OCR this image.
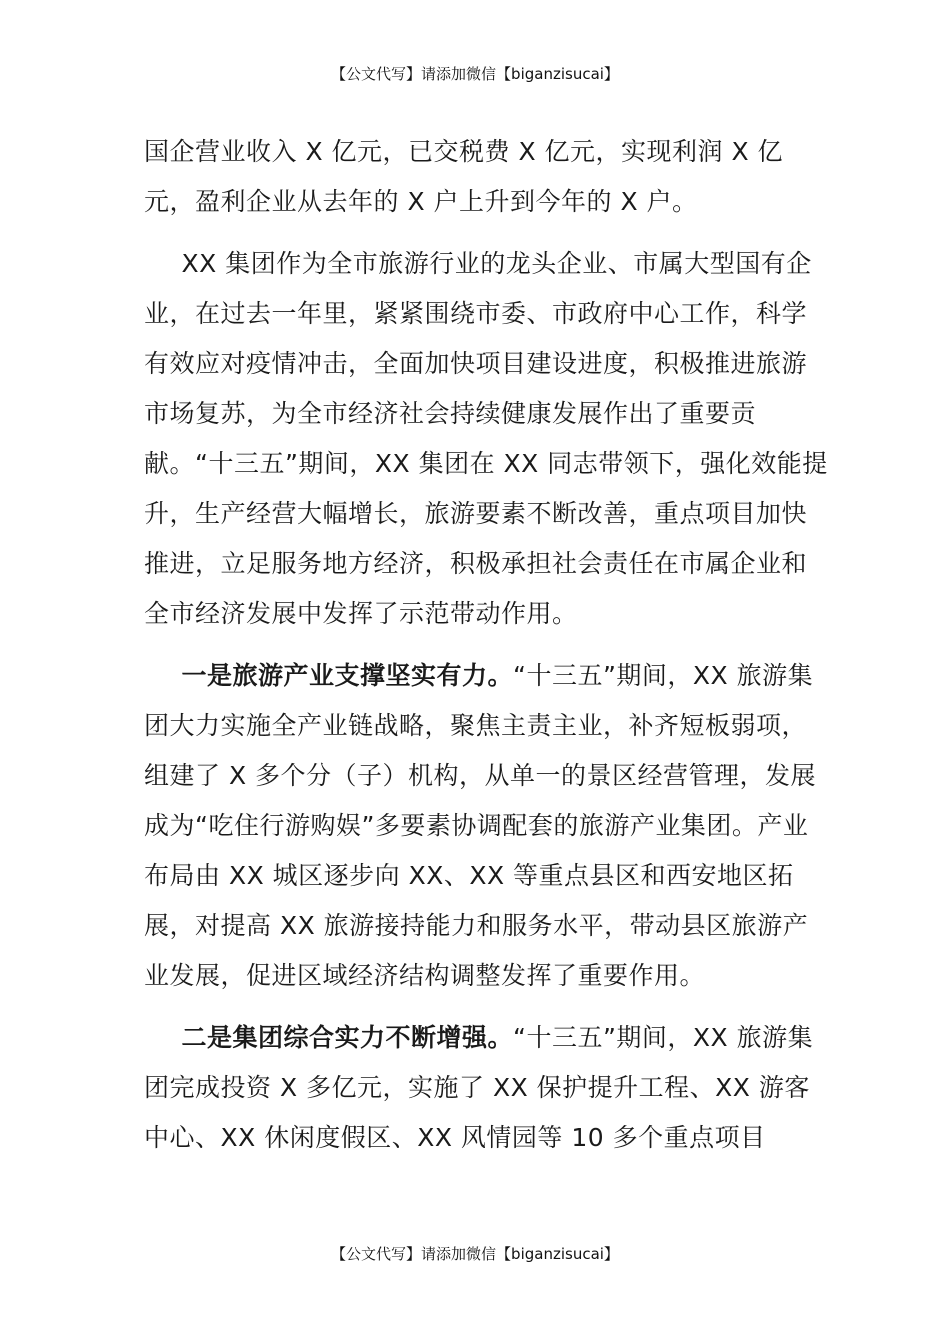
【公文代写】请添加微信【biganzisucai】

国企营业收入 X 亿元，已交税费 X 亿元，实现利润 X 亿元，盈利企业从去年的 X 户上升到今年的 X 户。

XX 集团作为全市旅游行业的龙头企业、市属大型国有企业，在过去一年里，紧紧围绕市委、市政府中心工作，科学有效应对疫情冲击，全面加快项目建设进度，积极推进旅游市场复苏，为全市经济社会持续健康发展作出了重要贡献。“十三五”期间，XX 集团在 XX 同志带领下，强化效能提升，生产经营大幅增长，旅游要素不断改善，重点项目加快推进，立足服务地方经济，积极承担社会责任在市属企业和全市经济发展中发挥了示范带动作用。

一是旅游产业支撑坚实有力。“十三五”期间，XX 旅游集团大力实施全产业链战略，聚焦主责主业，补齐短板弱项，组建了 X 多个分（子）机构，从单一的景区经营管理，发展成为“吃住行游购娱”多要素协调配套的旅游产业集团。产业布局由 XX 城区逐步向 XX、XX 等重点县区和西安地区拓展，对提高 XX 旅游接持能力和服务水平，带动县区旅游产业发展，促进区域经济结构调整发挥了重要作用。

二是集团综合实力不断增强。“十三五”期间，XX 旅游集团完成投资 X 多亿元，实施了 XX 保护提升工程、XX 游客中心、XX 休闲度假区、XX 风情园等 10 多个重点项目

【公文代写】请添加微信【biganzisucai】
